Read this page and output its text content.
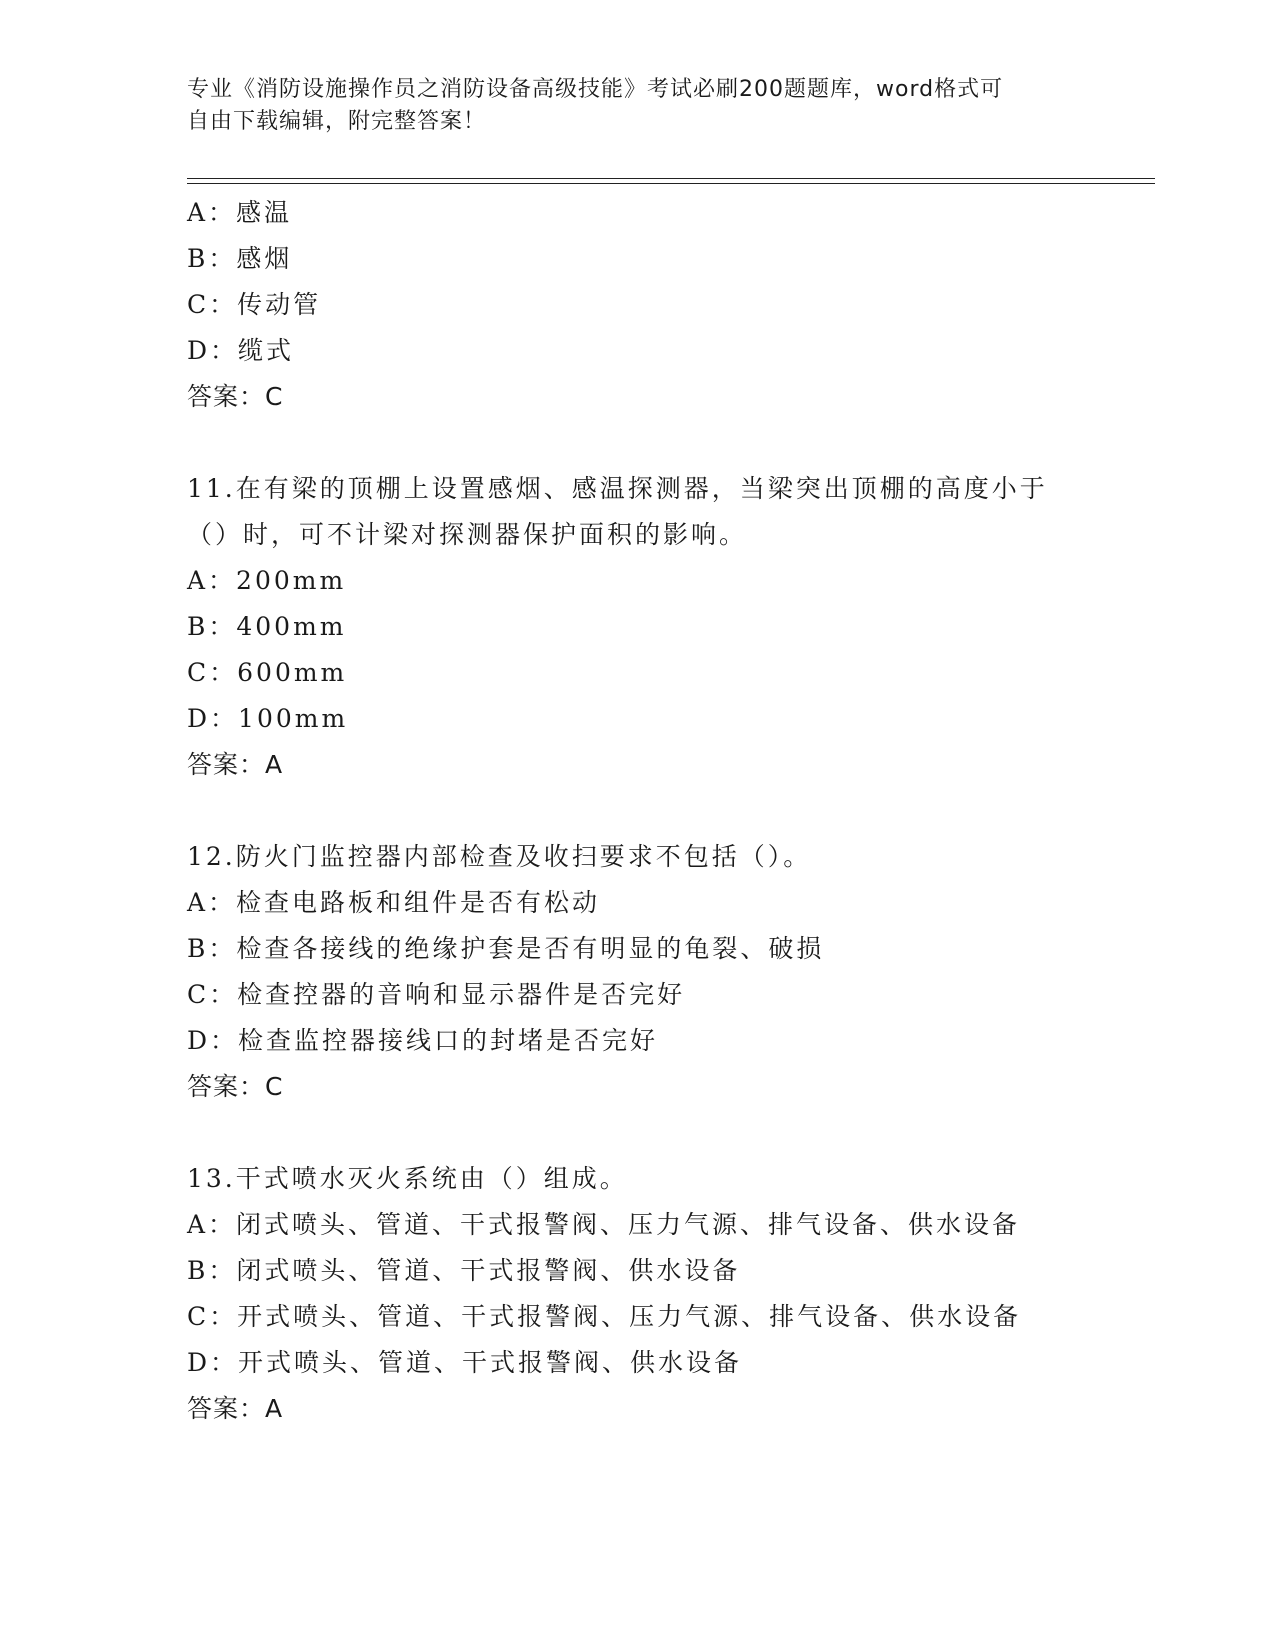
专业《消防设施操作员之消防设备高级技能》考试必刷200题题库，word格式可
自由下载编辑，附完整答案！
A：感温
B：感烟
C：传动管
D：缆式
答案：C
11.在有梁的顶棚上设置感烟、感温探测器，当梁突出顶棚的高度小于
（）时，可不计梁对探测器保护面积的影响。
A：200mm
B：400mm
C：600mm
D：100mm
答案：A
12.防火门监控器内部检查及收扫要求不包括（）。
A：检查电路板和组件是否有松动
B：检查各接线的绝缘护套是否有明显的龟裂、破损
C：检查控器的音响和显示器件是否完好
D：检查监控器接线口的封堵是否完好
答案：C
13.干式喷水灭火系统由（）组成。
A：闭式喷头、管道、干式报警阀、压力气源、排气设备、供水设备
B：闭式喷头、管道、干式报警阀、供水设备
C：开式喷头、管道、干式报警阀、压力气源、排气设备、供水设备
D：开式喷头、管道、干式报警阀、供水设备
答案：A
